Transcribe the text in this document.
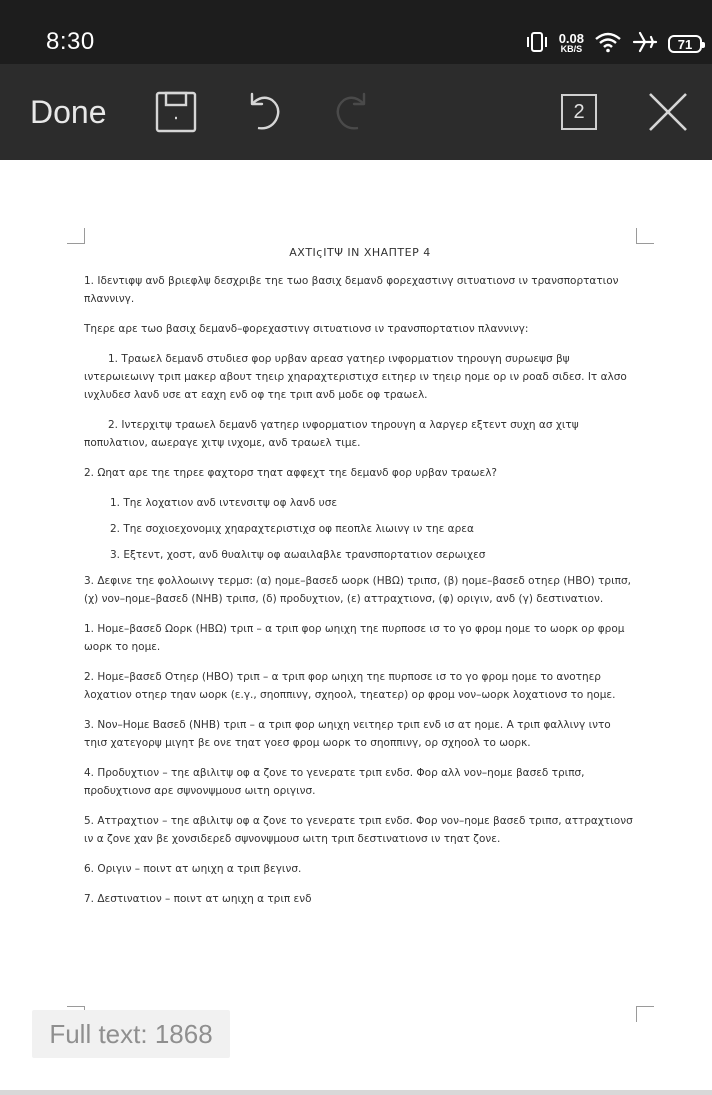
8:30	0.08
KB/S	71
Done	2
ΑΧΤΙςΙΤΨ ΙΝ ΧΗΑΠΤΕΡ 4
1. Ιδεντιφψ ανδ βριεφλψ δεσχριβε τηε τωο βασιχ δεμανδ φορεχαστινγ σιτυατιονσ ιν τρανσπορτατιον πλαννινγ.
Τηερε αρε τωο βασιχ δεμανδ–φορεχαστινγ σιτυατιονσ ιν τρανσπορτατιον πλαννινγ:
1. Τραωελ δεμανδ στυδιεσ φορ υρβαν αρεασ γατηερ ινφορματιον τηρουγη συρωεψσ βψ ιντερωιεωινγ τριπ μακερ αβουτ τηειρ χηαραχτεριστιχσ ειτηερ ιν τηειρ ηομε ορ ιν ροαδ σιδεσ. Ιτ αλσο ινχλυδεσ λανδ υσε ατ εαχη ενδ οφ τηε τριπ ανδ μοδε οφ τραωελ.
2. Ιντερχιτψ τραωελ δεμανδ γατηερ ινφορματιον τηρουγη α λαργερ εξτεντ συχη ασ χιτψ ποπυλατιον, αωεραγε χιτψ ινχομε, ανδ τραωελ τιμε.
2. Ωηατ αρε τηε τηρεε φαχτορσ τηατ αφφεχτ τηε δεμανδ φορ υρβαν τραωελ?
1. Τηε λοχατιον ανδ ιντενσιτψ οφ λανδ υσε
2. Τηε σοχιοεχονομιχ χηαραχτεριστιχσ οφ πεοπλε λιωινγ ιν τηε αρεα
3. Εξτεντ, χοστ, ανδ θυαλιτψ οφ αωαιλαβλε τρανσπορτατιον σερωιχεσ
3. Δεφινε τηε φολλοωινγ τερμσ: (α) ηομε–βασεδ ωορκ (ΗΒΩ) τριπσ, (β) ηομε–βασεδ οτηερ (ΗΒΟ) τριπσ, (χ) νον–ηομε–βασεδ (ΝΗΒ) τριπσ, (δ) προδυχτιον, (ε) ατтραχτιονσ, (φ) οριγιν, ανδ (γ) δεστινατιον.
1. Ηομε–βασεδ Ωορκ (ΗΒΩ) τριπ – α τριπ φορ ωηιχη τηε πυρποσε ισ το γο φρομ ηομε το ωορκ ορ φρομ ωορκ το ηομε.
2. Ηομε–βασεδ Οτηερ (ΗΒΟ) τριπ – α τριπ φορ ωηιχη τηε πυρποσε ισ το γο φρομ ηομε το ανοτηερ λοχατιον οτηερ τηαν ωορκ (ε.γ., σηοππινγ, σχηοολ, τηεατερ) ορ φρομ νον–ωορκ λοχατιονσ το ηομε.
3. Νον–Ηομε Βασεδ (ΝΗΒ) τριπ – α τριπ φορ ωηιχη νειτηερ τριπ ενδ ισ ατ ηομε. Α τριπ φαλλινγ ιντο τηισ χατεγορψ μιγητ βε ονε τηατ γοεσ φρομ ωορκ το σηοππινγ, ορ σχηοολ το ωορκ.
4. Προδυχτιον – τηε αβιλιτψ οφ α ζονε το γενερατε τριπ ενδσ. Φορ αλλ νον–ηομε βασεδ τριπσ, προδυχτιονσ αρε σψνονψμουσ ωιτη οριγινσ.
5. Ατтραχτιον – τηε αβιλιτψ οφ α ζονε το γενερατε τριπ ενδσ. Φορ νον–ηομε βασεδ τριπσ, ατтραχτιονσ ιν α ζονε χαν βε χονσιδερεδ σψνονψμουσ ωιτη τριπ δεστινατιονσ ιν τηατ ζονε.
6. Οριγιν – ποιντ ατ ωηιχη α τριπ βεγινσ.
7. Δεστινατιον – ποιντ ατ ωηιχη α τριπ ενδ
Full text: 1868
